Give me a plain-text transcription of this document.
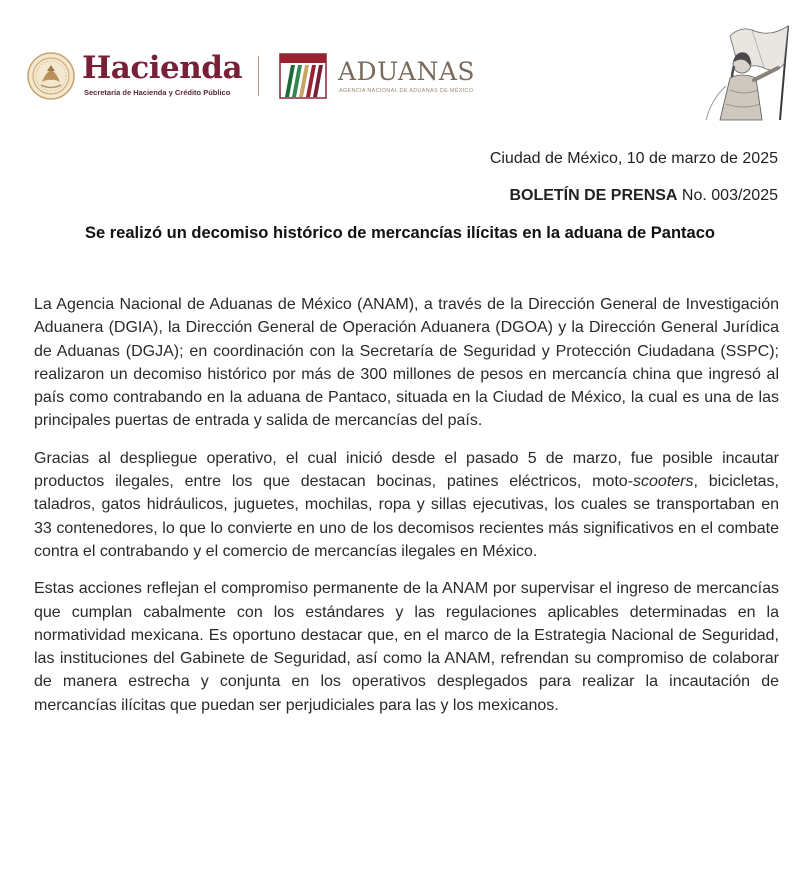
Hacienda
Secretaría de Hacienda y Crédito Público
ADUANAS
AGENCIA NACIONAL DE ADUANAS DE MÉXICO
Ciudad de México, 10 de marzo de 2025
BOLETÍN DE PRENSA No. 003/2025
Se realizó un decomiso histórico de mercancías ilícitas en la aduana de Pantaco

La Agencia Nacional de Aduanas de México (ANAM), a través de la Dirección General de Investigación Aduanera (DGIA), la Dirección General de Operación Aduanera (DGOA) y la Dirección General Jurídica de Aduanas (DGJA); en coordinación con la Secretaría de Seguridad y Protección Ciudadana (SSPC); realizaron un decomiso histórico por más de 300 millones de pesos en mercancía china que ingresó al país como contrabando en la aduana de Pantaco, situada en la Ciudad de México, la cual es una de las principales puertas de entrada y salida de mercancías del país.

Gracias al despliegue operativo, el cual inició desde el pasado 5 de marzo, fue posible incautar productos ilegales, entre los que destacan bocinas, patines eléctricos, moto-scooters, bicicletas, taladros, gatos hidráulicos, juguetes, mochilas, ropa y sillas ejecutivas, los cuales se transportaban en 33 contenedores, lo que lo convierte en uno de los decomisos recientes más significativos en el combate contra el contrabando y el comercio de mercancías ilegales en México.

Estas acciones reflejan el compromiso permanente de la ANAM por supervisar el ingreso de mercancías que cumplan cabalmente con los estándares y las regulaciones aplicables determinadas en la normatividad mexicana. Es oportuno destacar que, en el marco de la Estrategia Nacional de Seguridad, las instituciones del Gabinete de Seguridad, así como la ANAM, refrendan su compromiso de colaborar de manera estrecha y conjunta en los operativos desplegados para realizar la incautación de mercancías ilícitas que puedan ser perjudiciales para las y los mexicanos.
